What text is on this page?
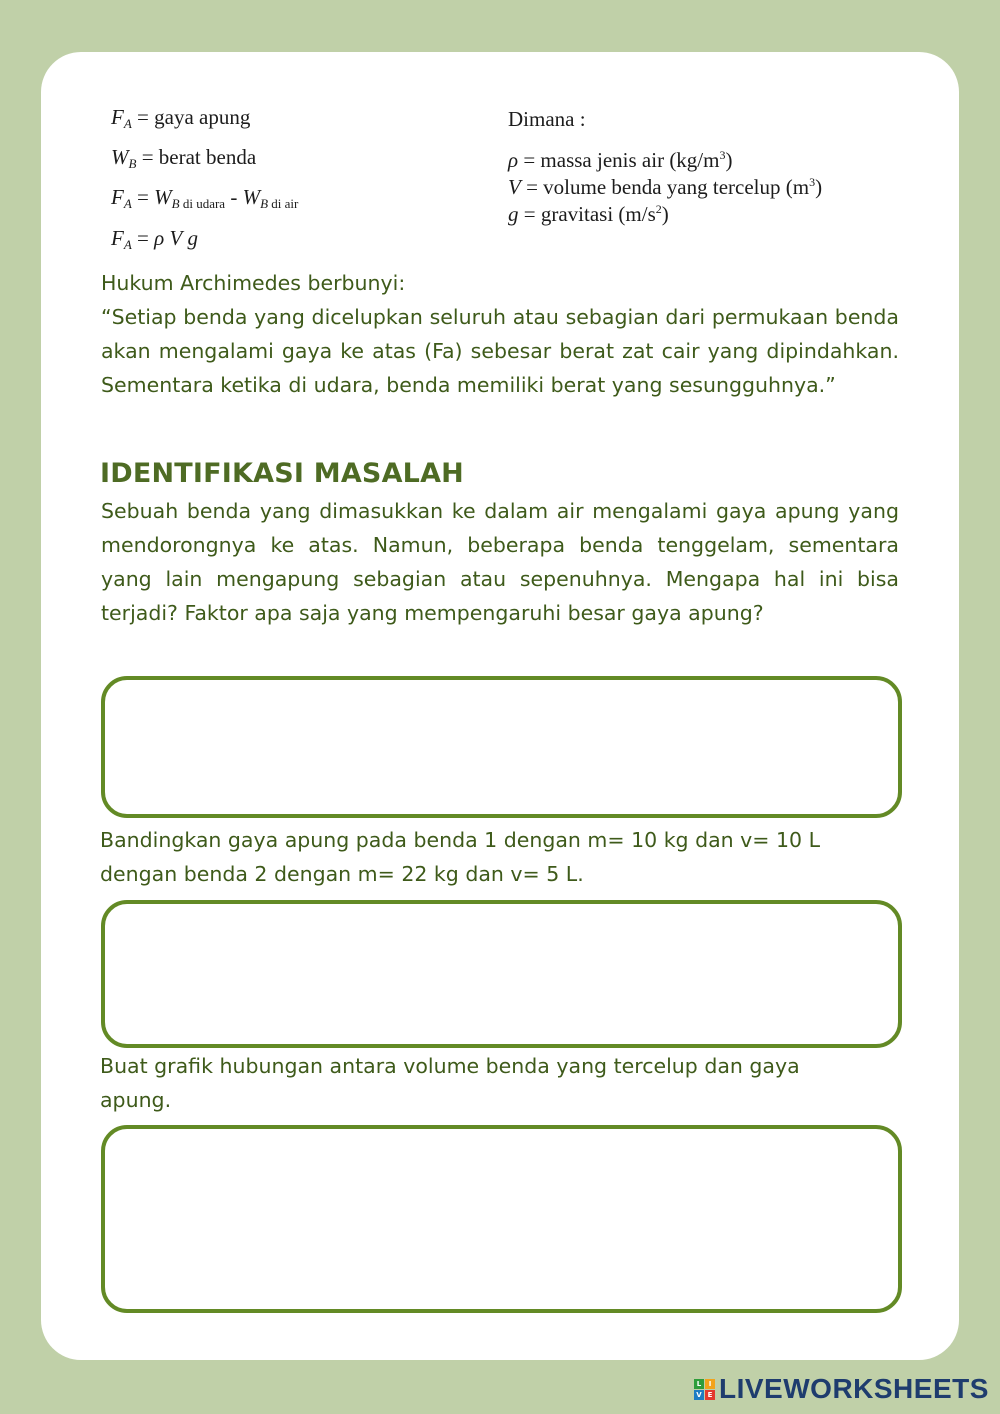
$F_A$ = gaya apung
$W_B$ = berat benda
$F_A = W_{B di udara} - W_{B di air}$
$F_A = \rho$ V g
Dimana :
ρ = massa jenis air $(kg/m^3)$
V = volume benda yang tercelup $(m^3)$
g = gravitasi $(m/s^2)$
Hukum Archimedes berbunyi:
“Setiap benda yang dicelupkan seluruh atau sebagian dari permukaan benda akan mengalami gaya ke atas (Fa) sebesar berat zat cair yang dipindahkan. Sementara ketika di udara, benda memiliki berat yang sesungguhnya.”
IDENTIFIKASI MASALAH
Sebuah benda yang dimasukkan ke dalam air mengalami gaya apung yang mendorongnya ke atas. Namun, beberapa benda tenggelam, sementara yang lain mengapung sebagian atau sepenuhnya. Mengapa hal ini bisa terjadi? Faktor apa saja yang mempengaruhi besar gaya apung?
Bandingkan gaya apung pada benda 1 dengan m= 10 kg dan v= 10 L
dengan benda 2 dengan m= 22 kg dan v= 5 L.
Buat grafik hubungan antara volume benda yang tercelup dan gaya
apung.
L	I
V E LIVEWORKSHEETS
